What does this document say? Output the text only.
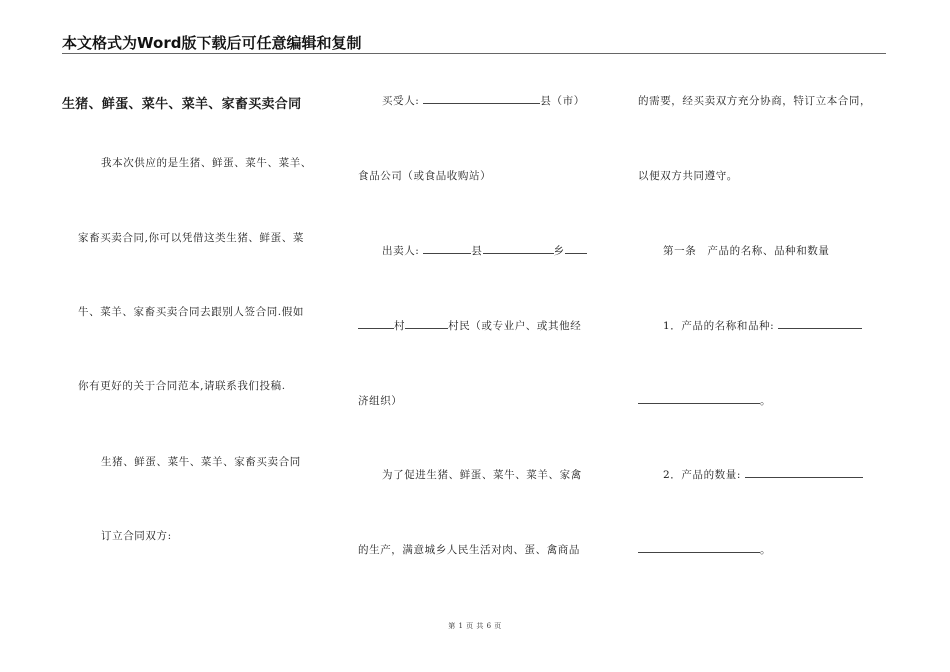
本文格式为Word版下载后可任意编辑和复制
生猪、鲜蛋、菜牛、菜羊、家畜买卖合同
我本次供应的是生猪、鲜蛋、菜牛、菜羊、
家畜买卖合同,你可以凭借这类生猪、鲜蛋、菜
牛、菜羊、家畜买卖合同去跟别人签合同.假如
你有更好的关于合同范本,请联系我们投稿.
生猪、鲜蛋、菜牛、菜羊、家畜买卖合同
订立合同双方:
买受人:	县（市）
食品公司（或食品收购站）
出卖人:	县	乡
村	村民（或专业户、或其他经
济组织）
为了促进生猪、鲜蛋、菜牛、菜羊、家禽
的生产，满意城乡人民生活对肉、蛋、禽商品
的需要，经买卖双方充分协商，特订立本合同，
以便双方共同遵守。
第一条　产品的名称、品种和数量
1．产品的名称和品种:
。
2．产品的数量:
。
第 1 页 共 6 页
